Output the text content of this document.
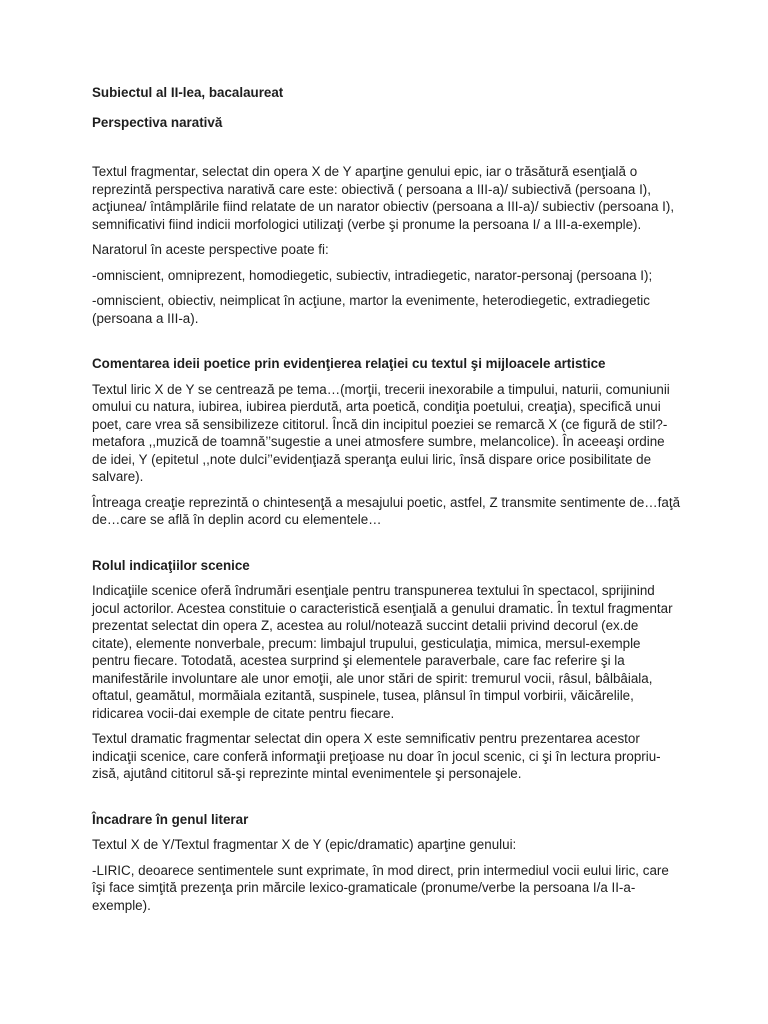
Subiectul al II-lea, bacalaureat

Perspectiva narativă

Textul fragmentar, selectat din opera X de Y aparţine genului epic, iar o trăsătură esenţială o reprezintă perspectiva narativă care este: obiectivă ( persoana a III-a)/ subiectivă (persoana I), acţiunea/ întâmplările fiind relatate de un narator obiectiv (persoana a III-a)/ subiectiv (persoana I), semnificativi fiind indicii morfologici utilizaţi (verbe şi pronume la persoana I/ a III-a-exemple).

Naratorul în aceste perspective poate fi:

-omniscient, omniprezent, homodiegetic, subiectiv, intradiegetic, narator-personaj (persoana I);

-omniscient, obiectiv, neimplicat în acţiune, martor la evenimente, heterodiegetic, extradiegetic (persoana a III-a).

Comentarea ideii poetice prin evidenţierea relaţiei cu textul şi mijloacele artistice

Textul liric X de Y se centrează pe tema…(morţii, trecerii inexorabile a timpului, naturii, comuniunii omului cu natura, iubirea, iubirea pierdută, arta poetică, condiţia poetului, creaţia), specifică unui poet, care vrea să sensibilizeze cititorul. Încă din incipitul poeziei se remarcă X (ce figură de stil?- metafora ,,muzică de toamnă’’sugestie a unei atmosfere sumbre, melancolice). În aceeaşi ordine de idei, Y (epitetul ,,note dulci’’evidenţiază speranţa eului liric, însă dispare orice posibilitate de salvare).

Întreaga creaţie reprezintă o chintesenţă a mesajului poetic, astfel, Z transmite sentimente de…faţă de…care se află în deplin acord cu elementele…

Rolul indicaţiilor scenice

Indicaţiile scenice oferă îndrumări esenţiale pentru transpunerea textului în spectacol, sprijinind jocul actorilor. Acestea constituie o caracteristică esenţială a genului dramatic. În textul fragmentar prezentat selectat din opera Z, acestea au rolul/notează succint detalii privind decorul (ex.de citate), elemente nonverbale, precum: limbajul trupului, gesticulaţia, mimica, mersul-exemple pentru fiecare. Totodată, acestea surprind şi elementele paraverbale, care fac referire şi la manifestările involuntare ale unor emoţii, ale unor stări de spirit: tremurul vocii, râsul, bâlbâiala, oftatul, geamătul, mormăiala ezitantă, suspinele, tusea, plânsul în timpul vorbirii, văicărelile, ridicarea vocii-dai exemple de citate pentru fiecare.

Textul dramatic fragmentar selectat din opera X este semnificativ pentru prezentarea acestor indicaţii scenice, care conferă informaţii preţioase nu doar în jocul scenic, ci şi în lectura propriu-zisă, ajutând cititorul să-şi reprezinte mintal evenimentele şi personajele.

Încadrare în genul literar

Textul X de Y/Textul fragmentar X de Y (epic/dramatic) aparţine genului:

-LIRIC, deoarece sentimentele sunt exprimate, în mod direct, prin intermediul vocii eului liric, care îşi face simţită prezenţa prin mărcile lexico-gramaticale (pronume/verbe la persoana I/a II-a- exemple).
